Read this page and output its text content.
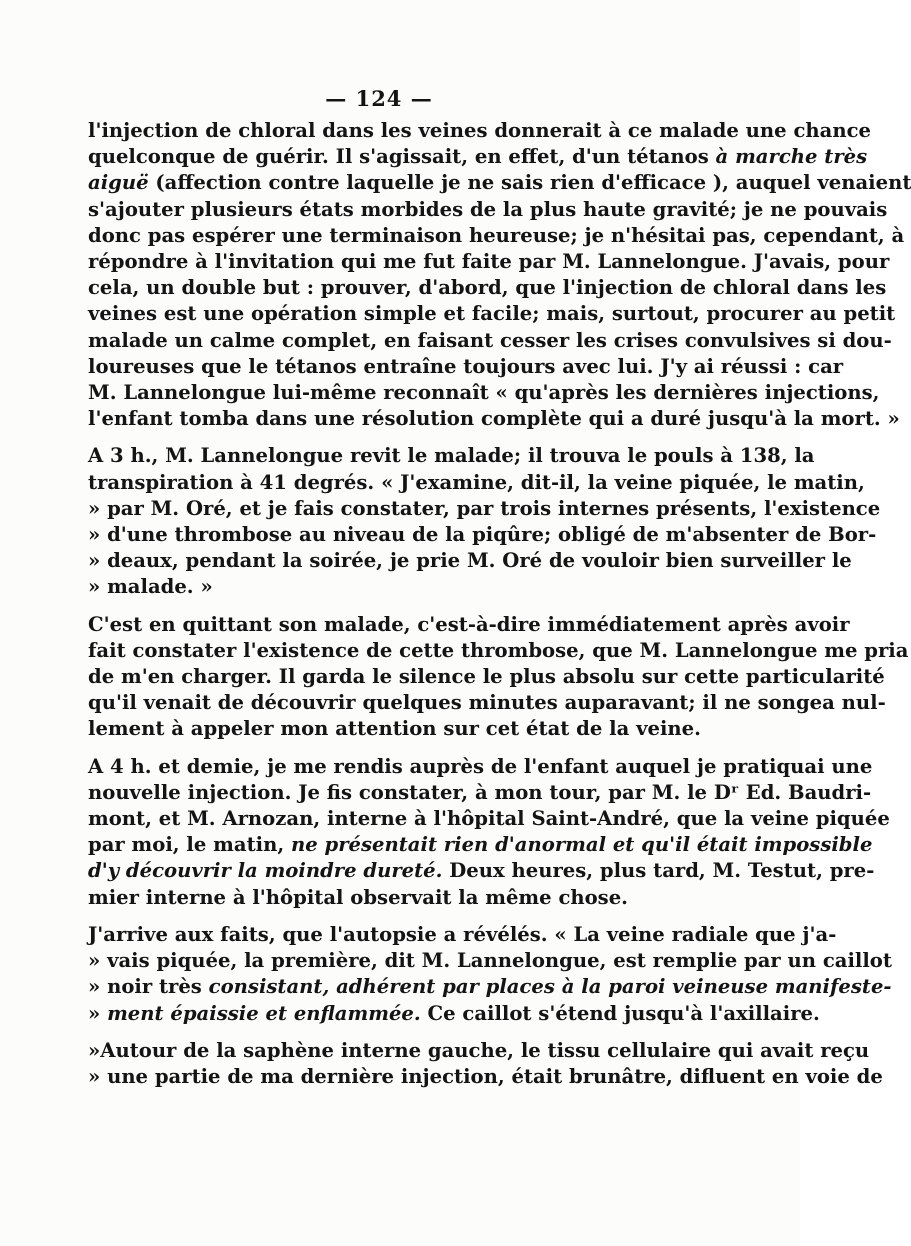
— 124 —

l'injection de chloral dans les veines donnerait à ce malade une chance
quelconque de guérir. Il s'agissait, en effet, d'un tétanos à marche très
aiguë (affection contre laquelle je ne sais rien d'efficace ), auquel venaient
s'ajouter plusieurs états morbides de la plus haute gravité; je ne pouvais
donc pas espérer une terminaison heureuse; je n'hésitai pas, cependant, à
répondre à l'invitation qui me fut faite par M. Lannelongue. J'avais, pour
cela, un double but : prouver, d'abord, que l'injection de chloral dans les
veines est une opération simple et facile; mais, surtout, procurer au petit
malade un calme complet, en faisant cesser les crises convulsives si dou-
loureuses que le tétanos entraîne toujours avec lui. J'y ai réussi : car
M. Lannelongue lui-même reconnaît « qu'après les dernières injections,
l'enfant tomba dans une résolution complète qui a duré jusqu'à la mort. »

A 3 h., M. Lannelongue revit le malade; il trouva le pouls à 138, la
transpiration à 41 degrés. « J'examine, dit-il, la veine piquée, le matin,
» par M. Oré, et je fais constater, par trois internes présents, l'existence
» d'une thrombose au niveau de la piqûre; obligé de m'absenter de Bor-
» deaux, pendant la soirée, je prie M. Oré de vouloir bien surveiller le
» malade. »

C'est en quittant son malade, c'est-à-dire immédiatement après avoir
fait constater l'existence de cette thrombose, que M. Lannelongue me pria
de m'en charger. Il garda le silence le plus absolu sur cette particularité
qu'il venait de découvrir quelques minutes auparavant; il ne songea nul-
lement à appeler mon attention sur cet état de la veine.

A 4 h. et demie, je me rendis auprès de l'enfant auquel je pratiquai une
nouvelle injection. Je fis constater, à mon tour, par M. le Dʳ Ed. Baudri-
mont, et M. Arnozan, interne à l'hôpital Saint-André, que la veine piquée
par moi, le matin, ne présentait rien d'anormal et qu'il était impossible
d'y découvrir la moindre dureté. Deux heures, plus tard, M. Testut, pre-
mier interne à l'hôpital observait la même chose.

J'arrive aux faits, que l'autopsie a révélés. « La veine radiale que j'a-
» vais piquée, la première, dit M. Lannelongue, est remplie par un caillot
» noir très consistant, adhérent par places à la paroi veineuse manifeste-
» ment épaissie et enflammée. Ce caillot s'étend jusqu'à l'axillaire.

»Autour de la saphène interne gauche, le tissu cellulaire qui avait reçu
» une partie de ma dernière injection, était brunâtre, difluent en voie de
